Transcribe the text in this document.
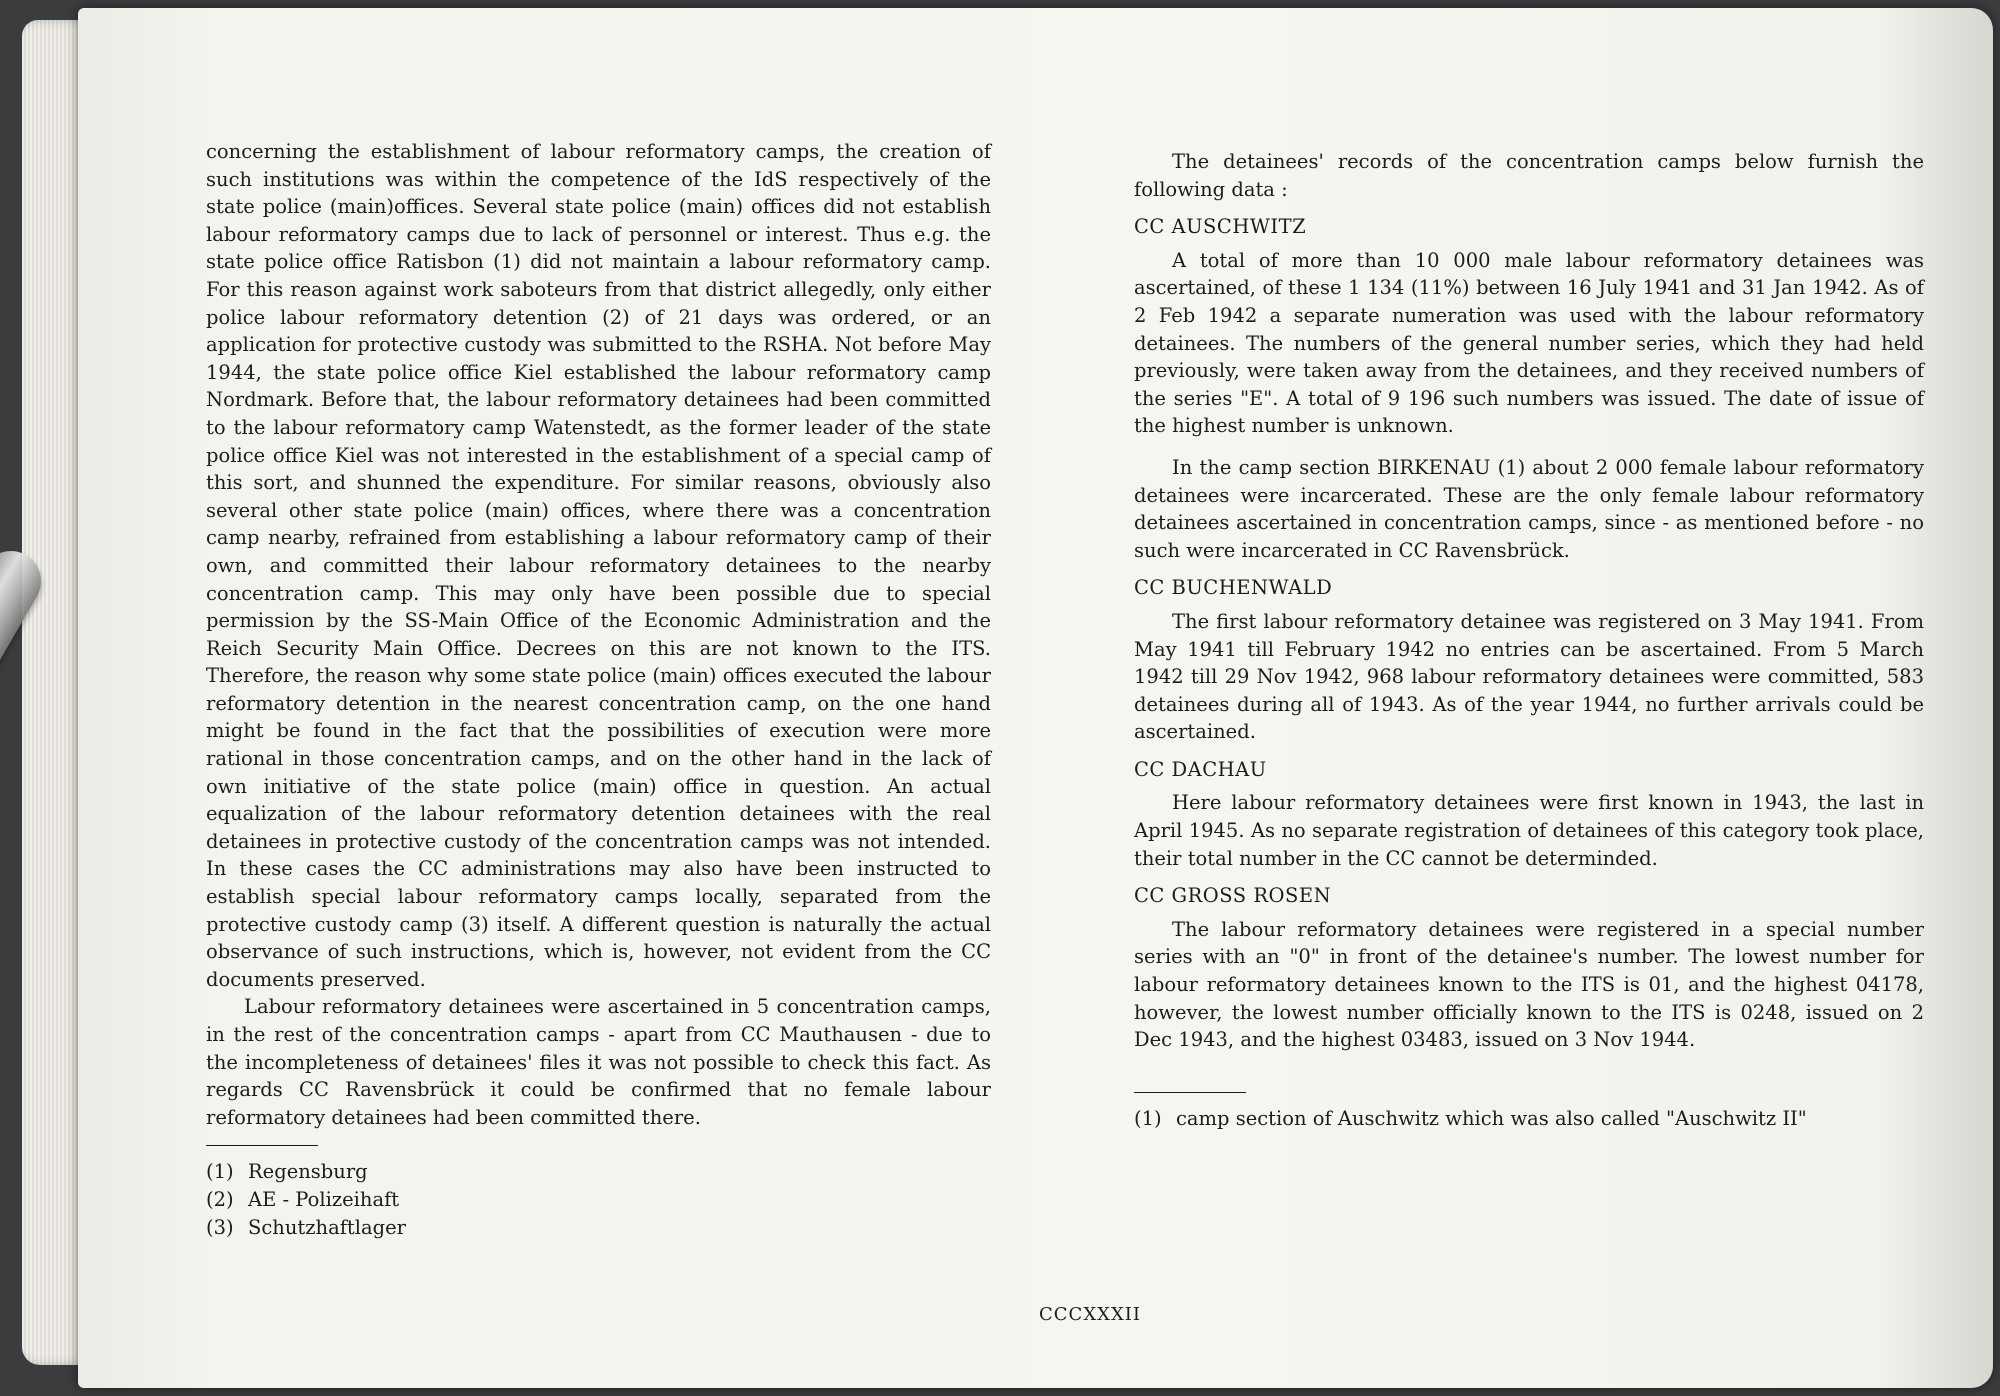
concerning the establishment of labour reformatory camps, the creation of such institutions was within the competence of the IdS respectively of the state police (main)offices. Several state police (main) offices did not establish labour reformatory camps due to lack of personnel or interest. Thus e.g. the state police office Ratisbon (1) did not maintain a labour reformatory camp. For this reason against work saboteurs from that district allegedly, only either police labour reformatory detention (2) of 21 days was ordered, or an application for protective custody was submitted to the RSHA. Not before May 1944, the state police office Kiel established the labour reformatory camp Nordmark. Before that, the labour reformatory detainees had been committed to the labour reformatory camp Watenstedt, as the former leader of the state police office Kiel was not interested in the establishment of a special camp of this sort, and shunned the expenditure. For similar reasons, obviously also several other state police (main) offices, where there was a concentration camp nearby, refrained from establishing a labour reformatory camp of their own, and committed their labour reformatory detainees to the nearby concentration camp. This may only have been possible due to special permission by the SS-Main Office of the Economic Administration and the Reich Security Main Office. Decrees on this are not known to the ITS. Therefore, the reason why some state police (main) offices executed the labour reformatory detention in the nearest concentration camp, on the one hand might be found in the fact that the possibilities of execution were more rational in those concentration camps, and on the other hand in the lack of own initiative of the state police (main) office in question. An actual equalization of the labour reformatory detention detainees with the real detainees in protective custody of the concentration camps was not intended. In these cases the CC administrations may also have been instructed to establish special labour reformatory camps locally, separated from the protective custody camp (3) itself. A different question is naturally the actual observance of such instructions, which is, however, not evident from the CC documents preserved.

Labour reformatory detainees were ascertained in 5 concentration camps, in the rest of the concentration camps - apart from CC Mauthausen - due to the incompleteness of detainees' files it was not possible to check this fact. As regards CC Ravensbrück it could be confirmed that no female labour reformatory detainees had been committed there.

(1) Regensburg
(2) AE - Polizeihaft
(3) Schutzhaftlager

The detainees' records of the concentration camps below furnish the following data :

CC AUSCHWITZ

A total of more than 10 000 male labour reformatory detainees was ascertained, of these 1 134 (11%) between 16 July 1941 and 31 Jan 1942. As of 2 Feb 1942 a separate numeration was used with the labour reformatory detainees. The numbers of the general number series, which they had held previously, were taken away from the detainees, and they received numbers of the series "E". A total of 9 196 such numbers was issued. The date of issue of the highest number is unknown.

In the camp section BIRKENAU (1) about 2 000 female labour reformatory detainees were incarcerated. These are the only female labour reformatory detainees ascertained in concentration camps, since - as mentioned before - no such were incarcerated in CC Ravensbrück.

CC BUCHENWALD

The first labour reformatory detainee was registered on 3 May 1941. From May 1941 till February 1942 no entries can be ascertained. From 5 March 1942 till 29 Nov 1942, 968 labour reformatory detainees were committed, 583 detainees during all of 1943. As of the year 1944, no further arrivals could be ascertained.

CC DACHAU

Here labour reformatory detainees were first known in 1943, the last in April 1945. As no separate registration of detainees of this category took place, their total number in the CC cannot be determinded.

CC GROSS ROSEN

The labour reformatory detainees were registered in a special number series with an "0" in front of the detainee's number. The lowest number for labour reformatory detainees known to the ITS is 01, and the highest 04178, however, the lowest number officially known to the ITS is 0248, issued on 2 Dec 1943, and the highest 03483, issued on 3 Nov 1944.

(1) camp section of Auschwitz which was also called "Auschwitz II"
CCCXXXII
